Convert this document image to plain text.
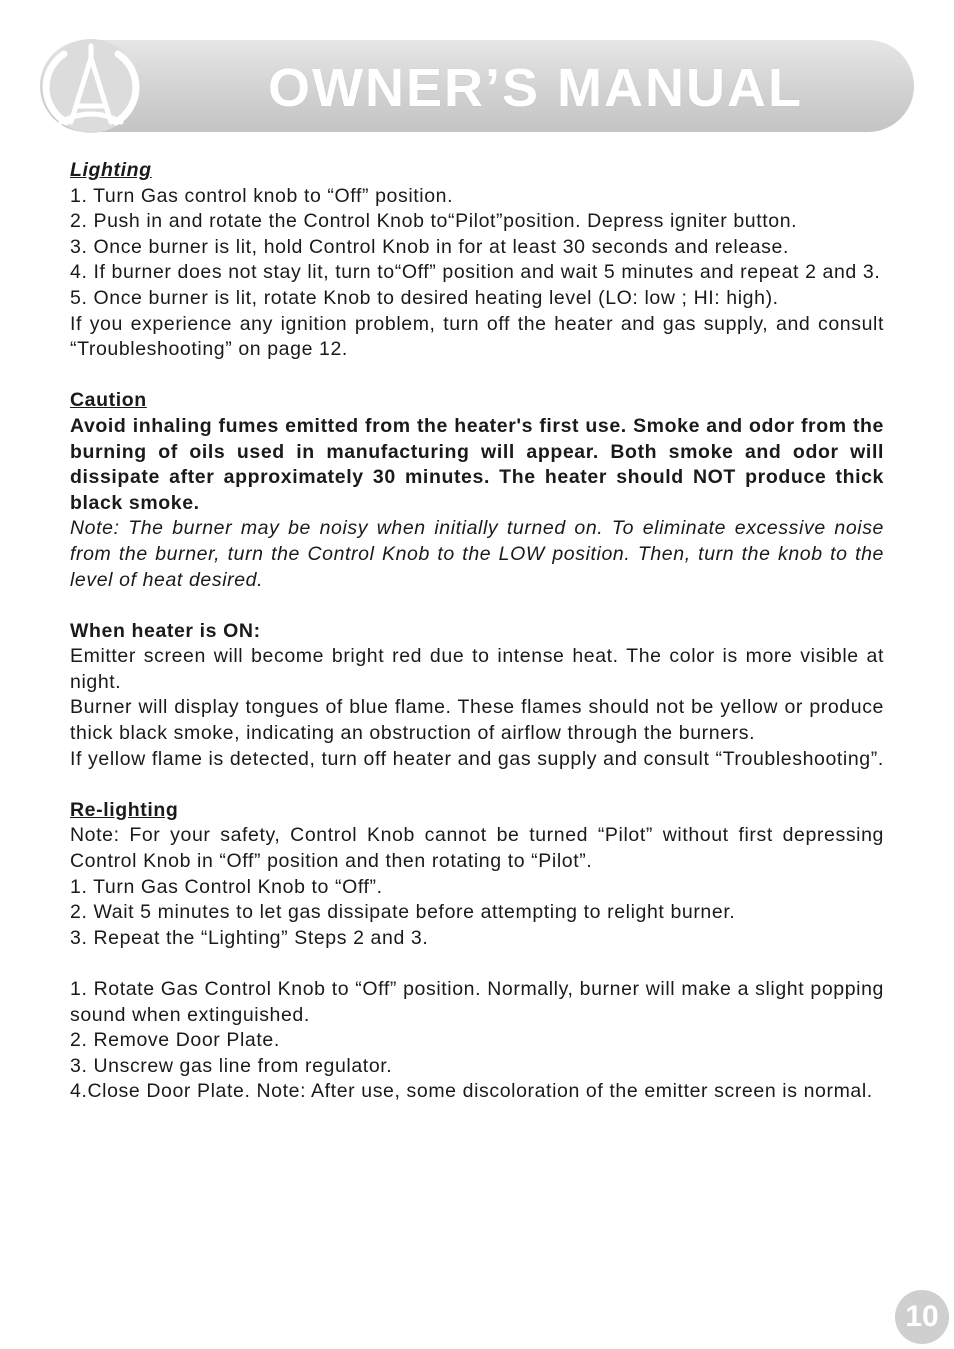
OWNER’S MANUAL

Lighting

1. Turn Gas control knob to “Off” position.

2. Push in and rotate the Control Knob to“Pilot”position. Depress igniter button.

3. Once burner is lit, hold Control Knob in for at least 30 seconds and release.

4. If burner does not stay lit, turn to“Off” position and wait 5 minutes and repeat 2 and 3.

5. Once burner is lit, rotate Knob to desired heating level (LO: low ; HI: high).

If you experience any ignition problem, turn off the heater and gas supply, and consult “Troubleshooting” on page 12.

Caution

Avoid inhaling fumes emitted from the heater's first use. Smoke and odor from the burning of oils used in manufacturing will appear. Both smoke and odor will dissipate after approximately 30 minutes. The heater should NOT produce thick black smoke.

Note: The burner may be noisy when initially turned on. To eliminate excessive noise from the burner, turn the Control Knob to the LOW position. Then, turn the knob to the level of heat desired.

When heater is ON:

Emitter screen will become bright red due to intense heat. The color is more visible at night.

Burner will display tongues of blue flame. These flames should not be yellow or produce thick black smoke, indicating an obstruction of airflow through the burners.

If yellow flame is detected, turn off heater and gas supply and consult “Troubleshooting”.

Re-lighting

Note: For your safety, Control Knob cannot be turned “Pilot” without first depressing Control Knob in “Off” position and then rotating to “Pilot”.

1. Turn Gas Control Knob to “Off”.

2. Wait 5 minutes to let gas dissipate before attempting to relight burner.

3. Repeat the “Lighting” Steps 2 and 3.

1. Rotate Gas Control Knob to “Off” position. Normally, burner will make a slight popping sound when extinguished.

2. Remove Door Plate.

3. Unscrew gas line from regulator.

4.Close Door Plate. Note: After use, some discoloration of the emitter screen is normal.

10
